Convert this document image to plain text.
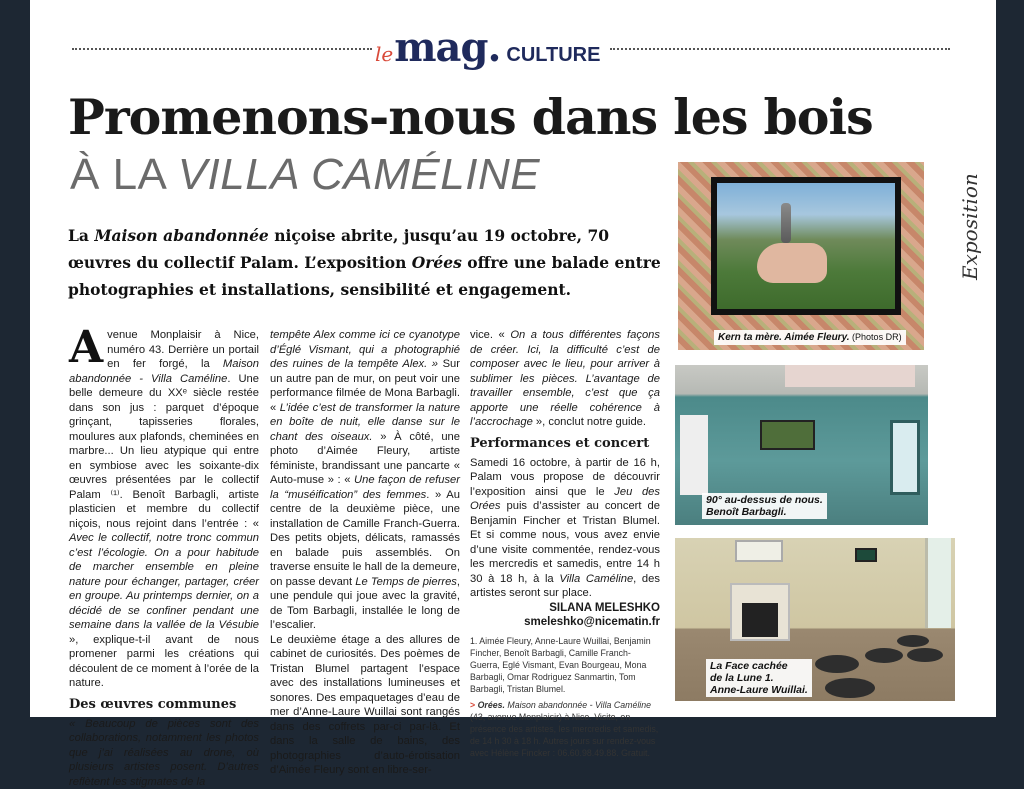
le mag. CULTURE
Promenons-nous dans les bois
À LA VILLA CAMÉLINE
La Maison abandonnée niçoise abrite, jusqu’au 19 octobre, 70 œuvres du collectif Palam. L’exposition Orées offre une balade entre photographies et installations, sensibilité et engagement.

Avenue Monplaisir à Nice, numéro 43. Derrière un portail en fer forgé, la Maison abandonnée - Villa Caméline. Une belle demeure du XXᵉ siècle restée dans son jus : parquet d’époque grinçant, tapisseries florales, moulures aux plafonds, cheminées en marbre... Un lieu atypique qui entre en symbiose avec les soixante-dix œuvres présentées par le collectif Palam ⁽¹⁾. Benoît Barbagli, artiste plasticien et membre du collectif niçois, nous rejoint dans l’entrée : « Avec le collectif, notre tronc commun c’est l’écologie. On a pour habitude de marcher ensemble en pleine nature pour échanger, partager, créer en groupe. Au printemps dernier, on a décidé de se confiner pendant une semaine dans la vallée de la Vésubie », explique-t-il avant de nous promener parmi les créations qui découlent de ce moment à l’orée de la nature.

Des œuvres communes

« Beaucoup de pièces sont des collaborations, notamment les photos que j’ai réalisées au drone, où plusieurs artistes posent. D’autres reflètent les stigmates de la

tempête Alex comme ici ce cyanotype d’Églé Vismant, qui a photographié des ruines de la tempête Alex. » Sur un autre pan de mur, on peut voir une performance filmée de Mona Barbagli. « L’idée c’est de transformer la nature en boîte de nuit, elle danse sur le chant des oiseaux. » À côté, une photo d’Aimée Fleury, artiste féministe, brandissant une pancarte « Auto-muse » : « Une façon de refuser la “muséification” des femmes. » Au centre de la deuxième pièce, une installation de Camille Franch-Guerra. Des petits objets, délicats, ramassés en balade puis assemblés. On traverse ensuite le hall de la demeure, on passe devant Le Temps de pierres, une pendule qui joue avec la gravité, de Tom Barbagli, installée le long de l’escalier.

Le deuxième étage a des allures de cabinet de curiosités. Des poèmes de Tristan Blumel partagent l’espace avec des installations lumineuses et sonores. Des empaquetages d’eau de mer d’Anne-Laure Wuillai sont rangés dans des coffrets par-ci par-là. Et dans la salle de bains, des photographies d’auto-érotisation d’Aimée Fleury sont en libre-ser-

vice. « On a tous différentes façons de créer. Ici, la difficulté c’est de composer avec le lieu, pour arriver à sublimer les pièces. L’avantage de travailler ensemble, c’est que ça apporte une réelle cohérence à l’accrochage », conclut notre guide.

Performances et concert

Samedi 16 octobre, à partir de 16 h, Palam vous propose de découvrir l’exposition ainsi que le Jeu des Orées puis d’assister au concert de Benjamin Fincher et Tristan Blumel. Et si comme nous, vous avez envie d’une visite commentée, rendez-vous les mercredis et samedis, entre 14 h 30 à 18 h, à la Villa Caméline, des artistes seront sur place.

SILANA MELESHKO
smeleshko@nicematin.fr
1. Aimée Fleury, Anne-Laure Wuillai, Benjamin Fincher, Benoît Barbagli, Camille Franch-Guerra, Eglé Vismant, Evan Bourgeau, Mona Barbagli, Omar Rodriguez Sanmartin, Tom Barbagli, Tristan Blumel.
> Orées. Maison abandonnée - Villa Caméline (43, avenue Monplaisir) à Nice. Visite, en présence des artistes, les mercredis et samedis, de 14 h 30 à 18 h. Autres jours sur rendez-vous avec Hélène Fincker : 06.60.98.49.88. Gratuit.
Kern ta mère. Aimée Fleury. (Photos DR)
Exposition
90° au-dessus de nous.
Benoît Barbagli.
La Face cachée
de la Lune 1.
Anne-Laure Wuillai.
